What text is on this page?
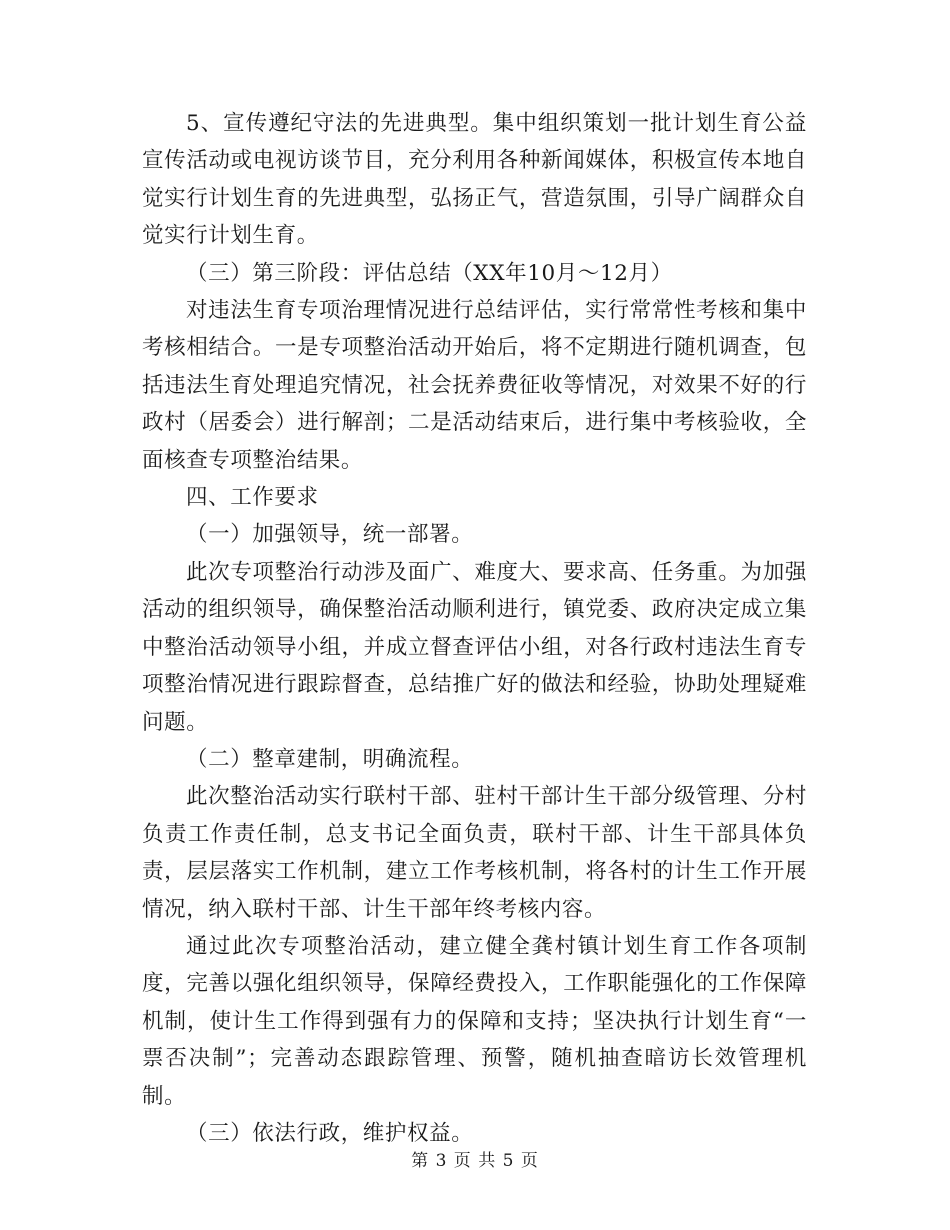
5、宣传遵纪守法的先进典型。集中组织策划一批计划生育公益宣传活动或电视访谈节目，充分利用各种新闻媒体，积极宣传本地自觉实行计划生育的先进典型，弘扬正气，营造氛围，引导广阔群众自觉实行计划生育。

（三）第三阶段：评估总结（XX年10月～12月）

对违法生育专项治理情况进行总结评估，实行常常性考核和集中考核相结合。一是专项整治活动开始后，将不定期进行随机调查，包括违法生育处理追究情况，社会抚养费征收等情况，对效果不好的行政村（居委会）进行解剖；二是活动结束后，进行集中考核验收，全面核查专项整治结果。

四、工作要求

（一）加强领导，统一部署。

此次专项整治行动涉及面广、难度大、要求高、任务重。为加强活动的组织领导，确保整治活动顺利进行，镇党委、政府决定成立集中整治活动领导小组，并成立督查评估小组，对各行政村违法生育专项整治情况进行跟踪督查，总结推广好的做法和经验，协助处理疑难问题。

（二）整章建制，明确流程。

此次整治活动实行联村干部、驻村干部计生干部分级管理、分村负责工作责任制，总支书记全面负责，联村干部、计生干部具体负责，层层落实工作机制，建立工作考核机制，将各村的计生工作开展情况，纳入联村干部、计生干部年终考核内容。

通过此次专项整治活动，建立健全龚村镇计划生育工作各项制度，完善以强化组织领导，保障经费投入，工作职能强化的工作保障机制，使计生工作得到强有力的保障和支持；坚决执行计划生育“一票否决制”；完善动态跟踪管理、预警，随机抽查暗访长效管理机制。

（三）依法行政，维护权益。

第 3 页 共 5 页
